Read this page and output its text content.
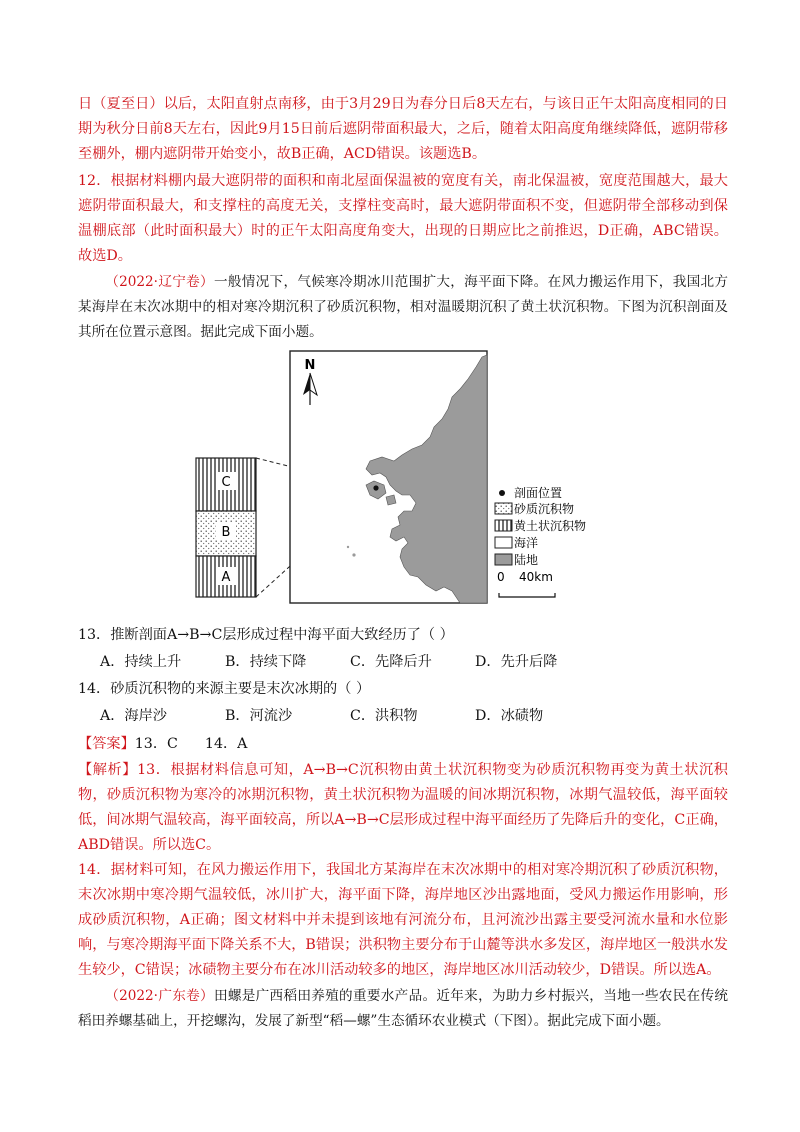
日（夏至日）以后，太阳直射点南移，由于3月29日为春分日后8天左右，与该日正午太阳高度相同的日期为秋分日前8天左右，因此9月15日前后遮阴带面积最大，之后，随着太阳高度角继续降低，遮阴带移至棚外，棚内遮阴带开始变小，故B正确，ACD错误。该题选B。

12．根据材料棚内最大遮阴带的面积和南北屋面保温被的宽度有关，南北保温被，宽度范围越大，最大遮阴带面积最大，和支撑柱的高度无关，支撑柱变高时，最大遮阴带面积不变，但遮阴带全部移动到保温棚底部（此时面积最大）时的正午太阳高度角变大，出现的日期应比之前推迟，D正确，ABC错误。故选D。

（2022·辽宁卷）一般情况下，气候寒冷期冰川范围扩大，海平面下降。在风力搬运作用下，我国北方某海岸在末次冰期中的相对寒冷期沉积了砂质沉积物，相对温暖期沉积了黄土状沉积物。下图为沉积剖面及其所在位置示意图。据此完成下面小题。

C
B
A
N
剖面位置
砂质沉积物
黄土状沉积物
海洋
陆地
0 40km
13．推断剖面A→B→C层形成过程中海平面大致经历了（ ）
A．持续上升	B．持续下降	C．先降后升	D．先升后降
14．砂质沉积物的来源主要是末次冰期的（ ）
A．海岸沙	B．河流沙	C．洪积物	D．冰碛物
【答案】13．C      14．A

【解析】13．根据材料信息可知，A→B→C沉积物由黄土状沉积物变为砂质沉积物再变为黄土状沉积物，砂质沉积物为寒冷的冰期沉积物，黄土状沉积物为温暖的间冰期沉积物，冰期气温较低，海平面较低，间冰期气温较高，海平面较高，所以A→B→C层形成过程中海平面经历了先降后升的变化，C正确，ABD错误。所以选C。

14．据材料可知，在风力搬运作用下，我国北方某海岸在末次冰期中的相对寒冷期沉积了砂质沉积物，末次冰期中寒冷期气温较低，冰川扩大，海平面下降，海岸地区沙出露地面，受风力搬运作用影响，形成砂质沉积物，A正确；图文材料中并未提到该地有河流分布，且河流沙出露主要受河流水量和水位影响，与寒冷期海平面下降关系不大，B错误；洪积物主要分布于山麓等洪水多发区，海岸地区一般洪水发生较少，C错误；冰碛物主要分布在冰川活动较多的地区，海岸地区冰川活动较少，D错误。所以选A。

（2022·广东卷）田螺是广西稻田养殖的重要水产品。近年来，为助力乡村振兴，当地一些农民在传统稻田养螺基础上，开挖螺沟，发展了新型“稻—螺”生态循环农业模式（下图）。据此完成下面小题。
